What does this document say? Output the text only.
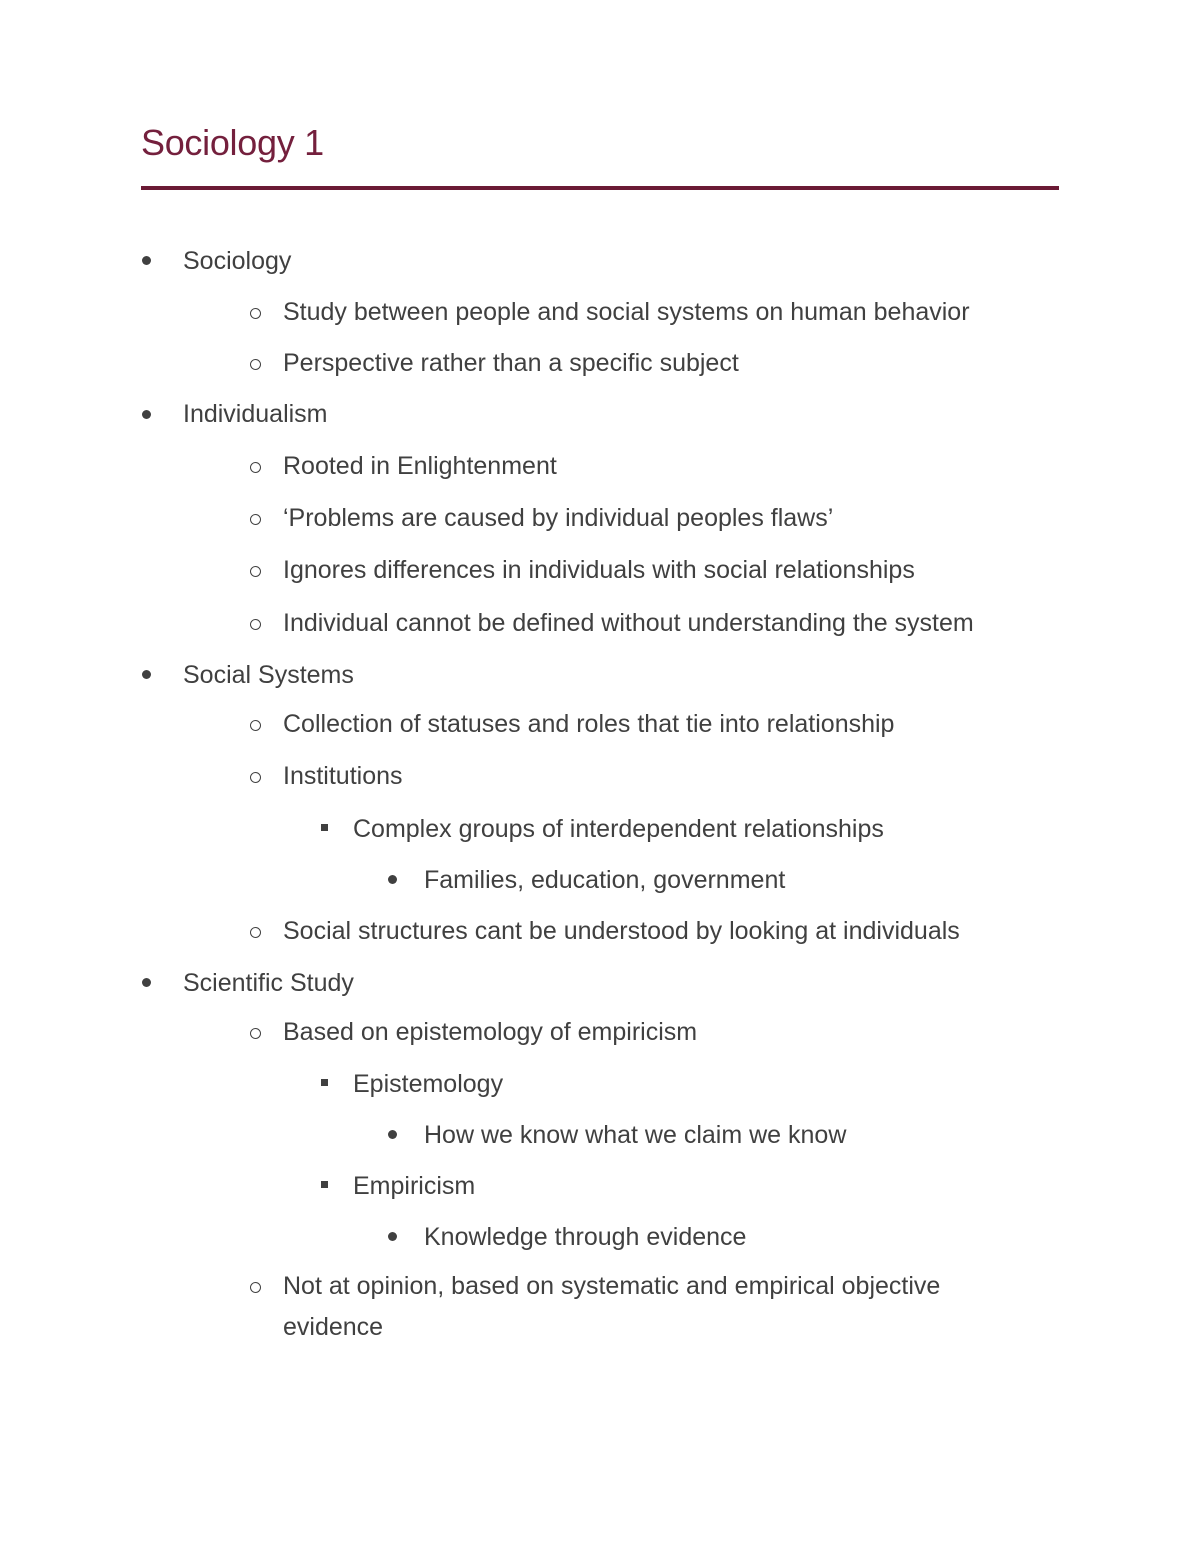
Sociology 1
Sociology
Study between people and social systems on human behavior
Perspective rather than a specific subject
Individualism
Rooted in Enlightenment
‘Problems are caused by individual peoples flaws’
Ignores differences in individuals with social relationships
Individual cannot be defined without understanding the system
Social Systems
Collection of statuses and roles that tie into relationship
Institutions
Complex groups of interdependent relationships
Families, education, government
Social structures cant be understood by looking at individuals
Scientific Study
Based on epistemology of empiricism
Epistemology
How we know what we claim we know
Empiricism
Knowledge through evidence
Not at opinion, based on systematic and empirical objective
evidence
